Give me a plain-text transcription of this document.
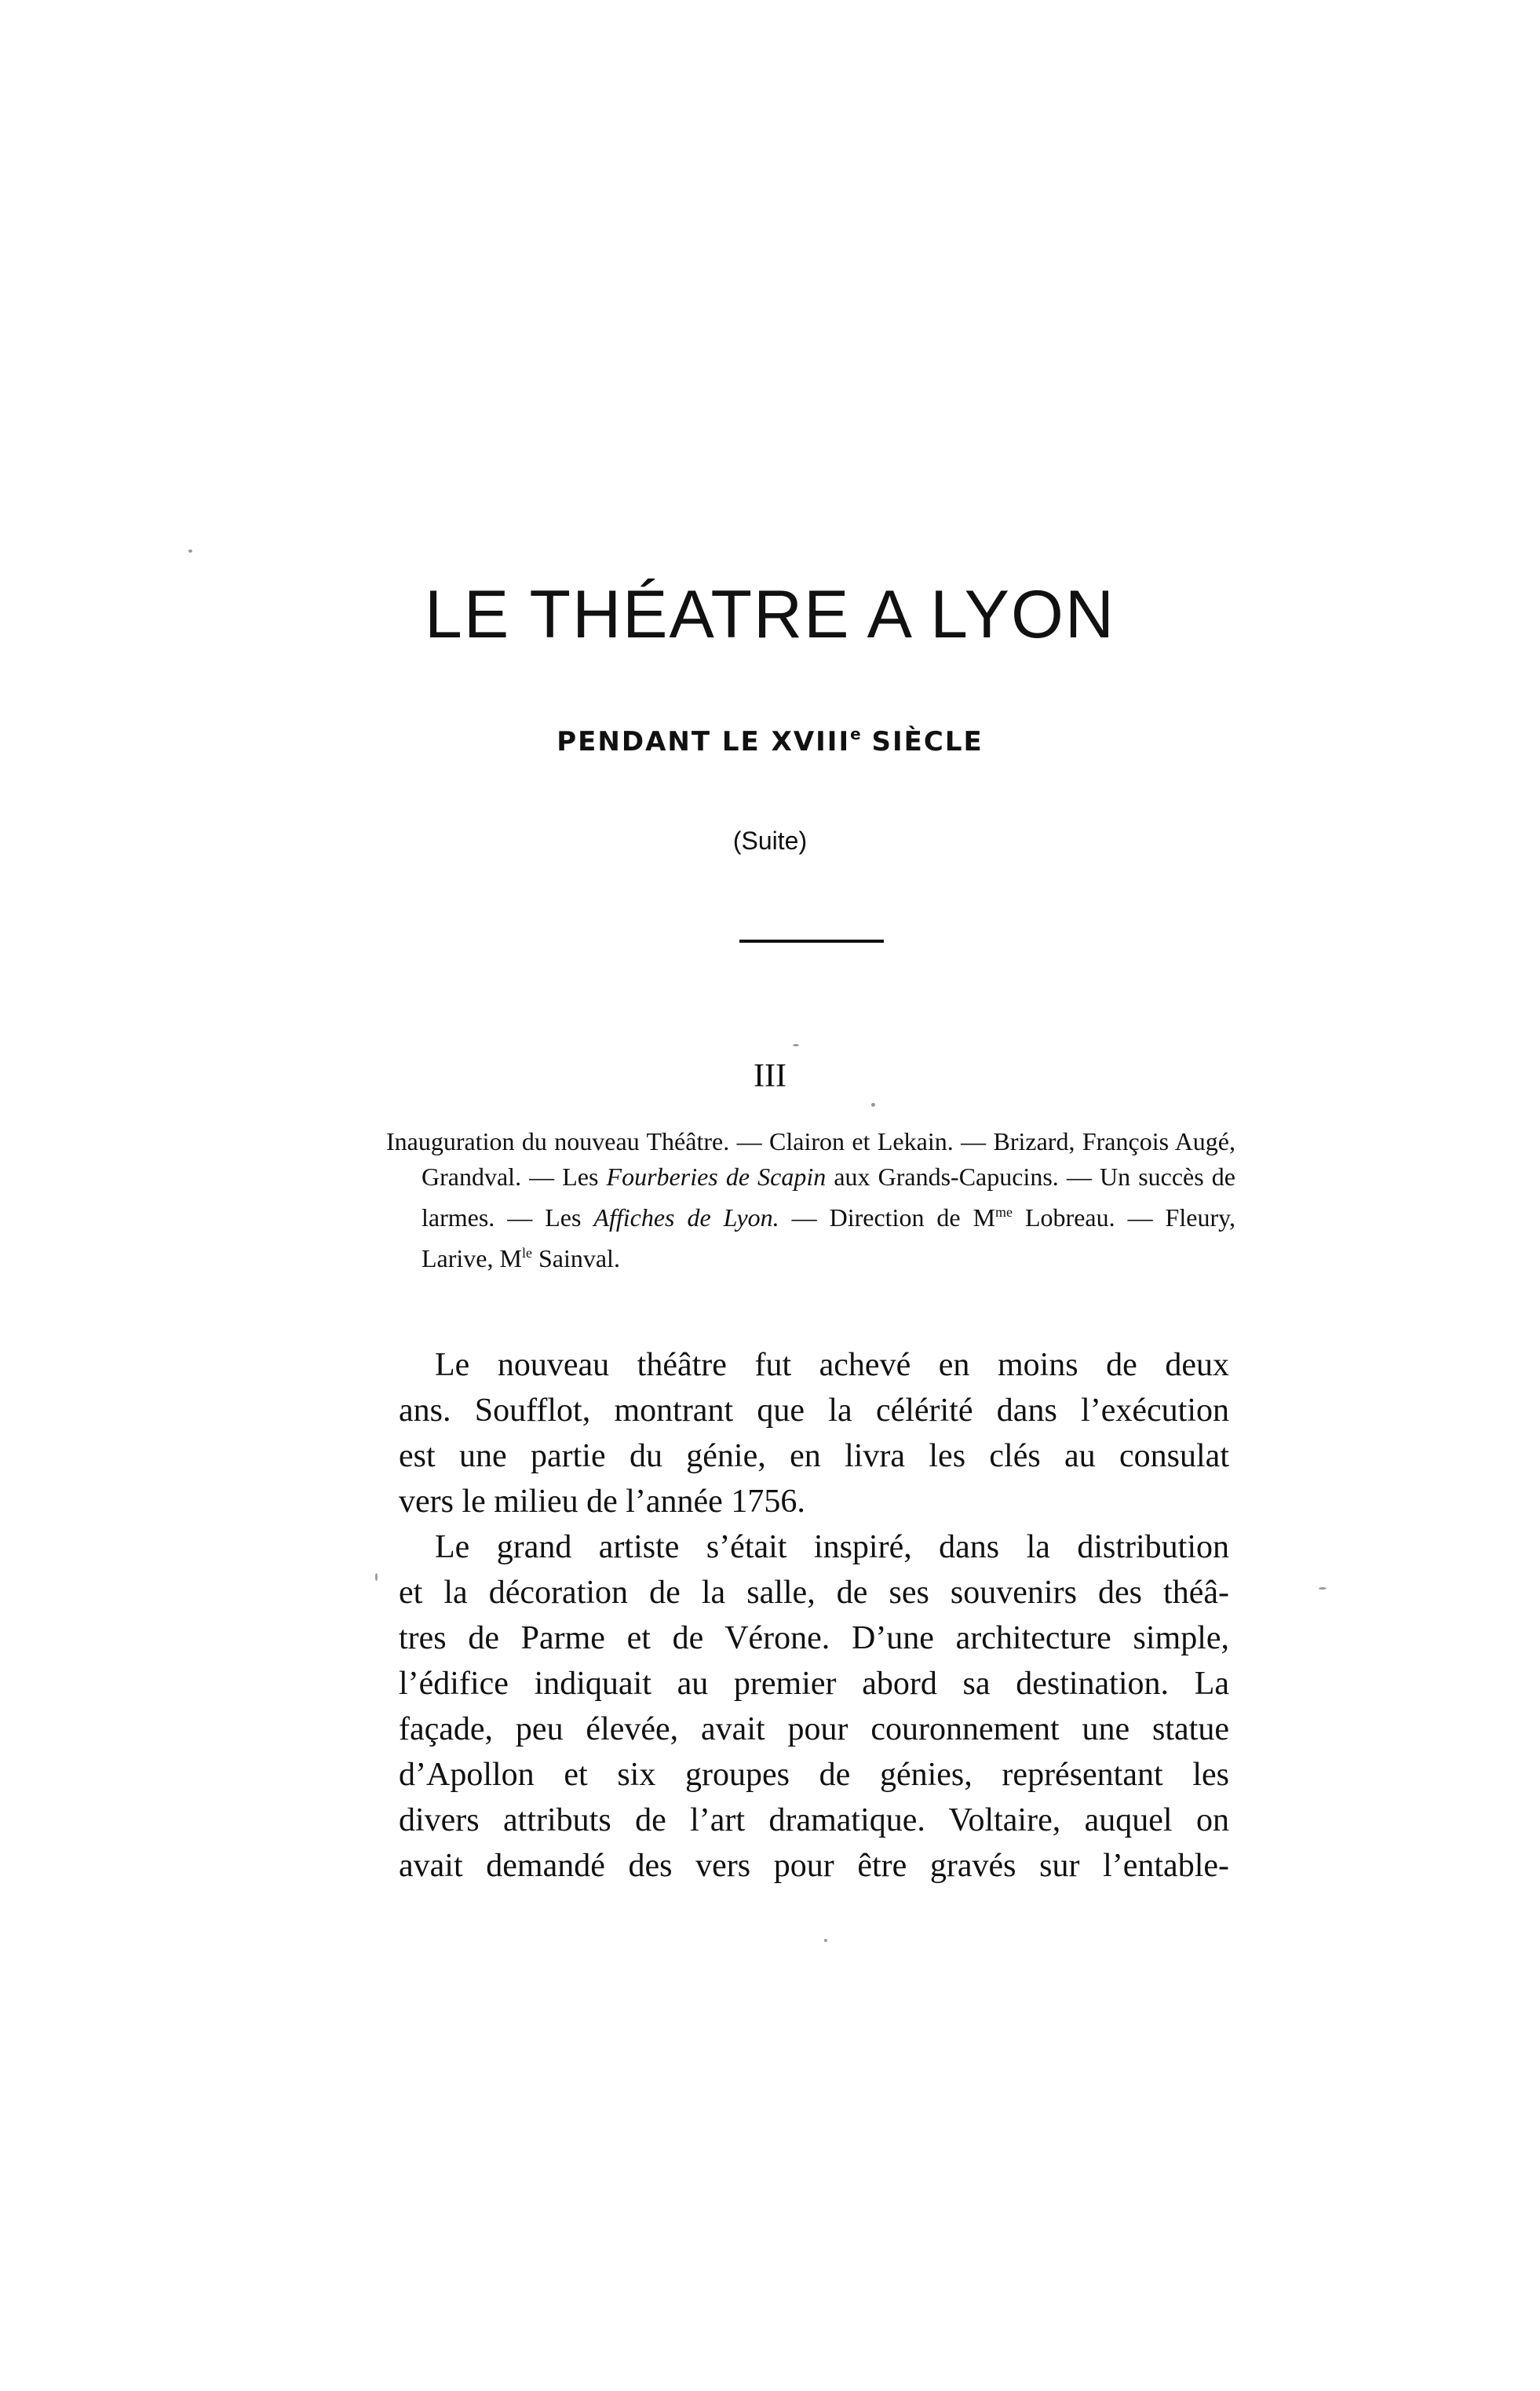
LE THÉATRE A LYON
PENDANT LE XVIIIe SIÈCLE
(Suite)
III
Inauguration du nouveau Théâtre. — Clairon et Lekain. — Brizard, François Augé, Grandval. — Les Fourberies de Scapin aux Grands-Capucins. — Un succès de larmes. — Les Affiches de Lyon. — Direction de $M^{me}$ Lobreau. — Fleury, Larive, $M^{le}$ Sainval.

Le nouveau théâtre fut achevé en moins de deux
ans. Soufflot, montrant que la célérité dans l’exécution
est une partie du génie, en livra les clés au consulat
vers le milieu de l’année 1756.

Le grand artiste s’était inspiré, dans la distribution
et la décoration de la salle, de ses souvenirs des théâ-
tres de Parme et de Vérone. D’une architecture simple,
l’édifice indiquait au premier abord sa destination. La
façade, peu élevée, avait pour couronnement une statue
d’Apollon et six groupes de génies, représentant les
divers attributs de l’art dramatique. Voltaire, auquel on
avait demandé des vers pour être gravés sur l’entable-
